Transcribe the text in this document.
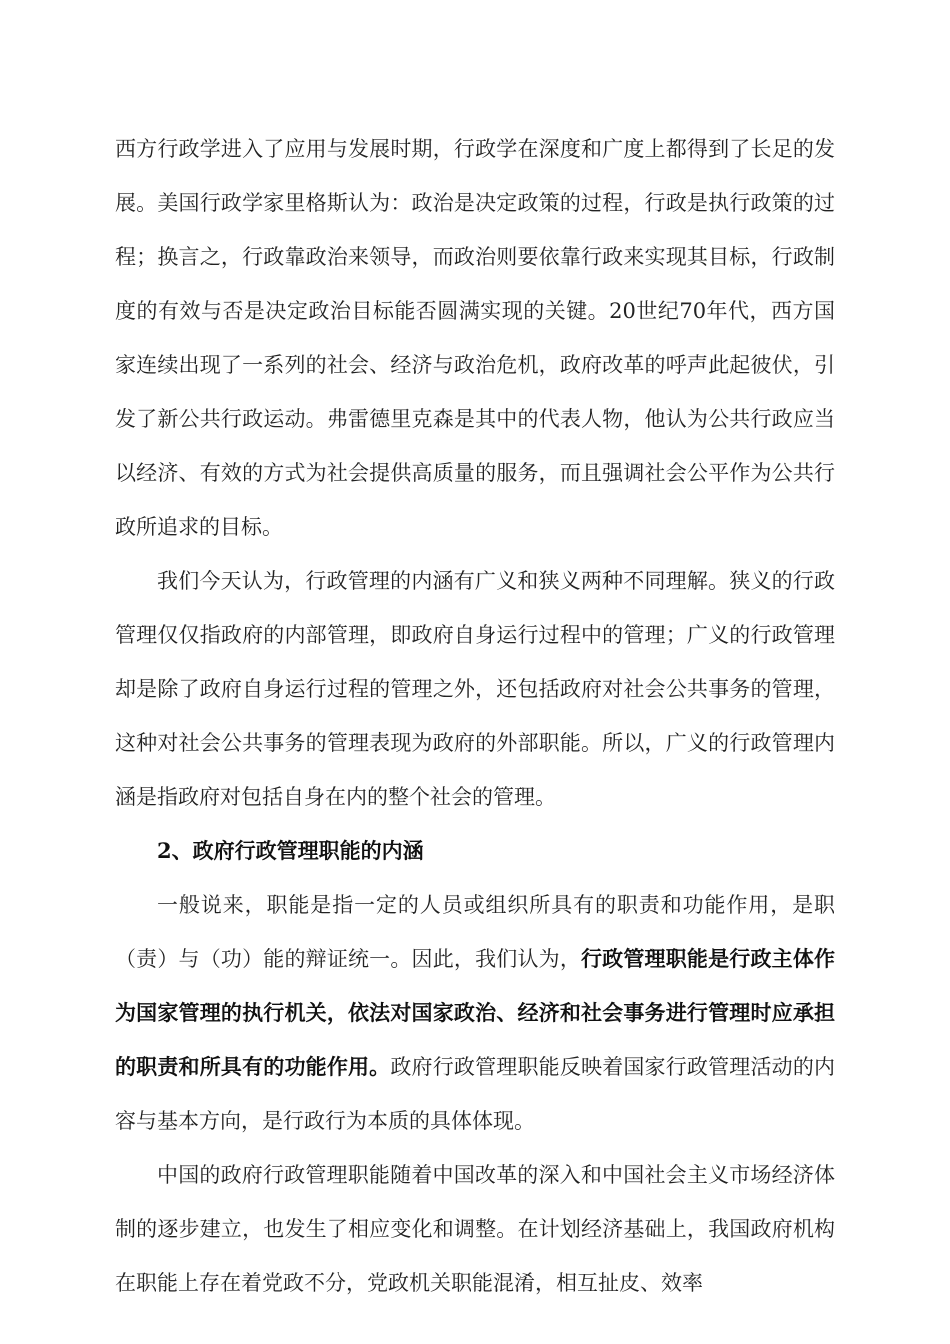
西方行政学进入了应用与发展时期，行政学在深度和广度上都得到了长足的发展。美国行政学家里格斯认为：政治是决定政策的过程，行政是执行政策的过程；换言之，行政靠政治来领导，而政治则要依靠行政来实现其目标，行政制度的有效与否是决定政治目标能否圆满实现的关键。20世纪70年代，西方国家连续出现了一系列的社会、经济与政治危机，政府改革的呼声此起彼伏，引发了新公共行政运动。弗雷德里克森是其中的代表人物，他认为公共行政应当以经济、有效的方式为社会提供高质量的服务，而且强调社会公平作为公共行政所追求的目标。

我们今天认为，行政管理的内涵有广义和狭义两种不同理解。狭义的行政管理仅仅指政府的内部管理，即政府自身运行过程中的管理；广义的行政管理却是除了政府自身运行过程的管理之外，还包括政府对社会公共事务的管理，这种对社会公共事务的管理表现为政府的外部职能。所以，广义的行政管理内涵是指政府对包括自身在内的整个社会的管理。

2、政府行政管理职能的内涵

一般说来，职能是指一定的人员或组织所具有的职责和功能作用，是职（责）与（功）能的辩证统一。因此，我们认为，行政管理职能是行政主体作为国家管理的执行机关，依法对国家政治、经济和社会事务进行管理时应承担的职责和所具有的功能作用。政府行政管理职能反映着国家行政管理活动的内容与基本方向，是行政行为本质的具体体现。

中国的政府行政管理职能随着中国改革的深入和中国社会主义市场经济体制的逐步建立，也发生了相应变化和调整。在计划经济基础上，我国政府机构在职能上存在着党政不分，党政机关职能混淆，相互扯皮、效率
